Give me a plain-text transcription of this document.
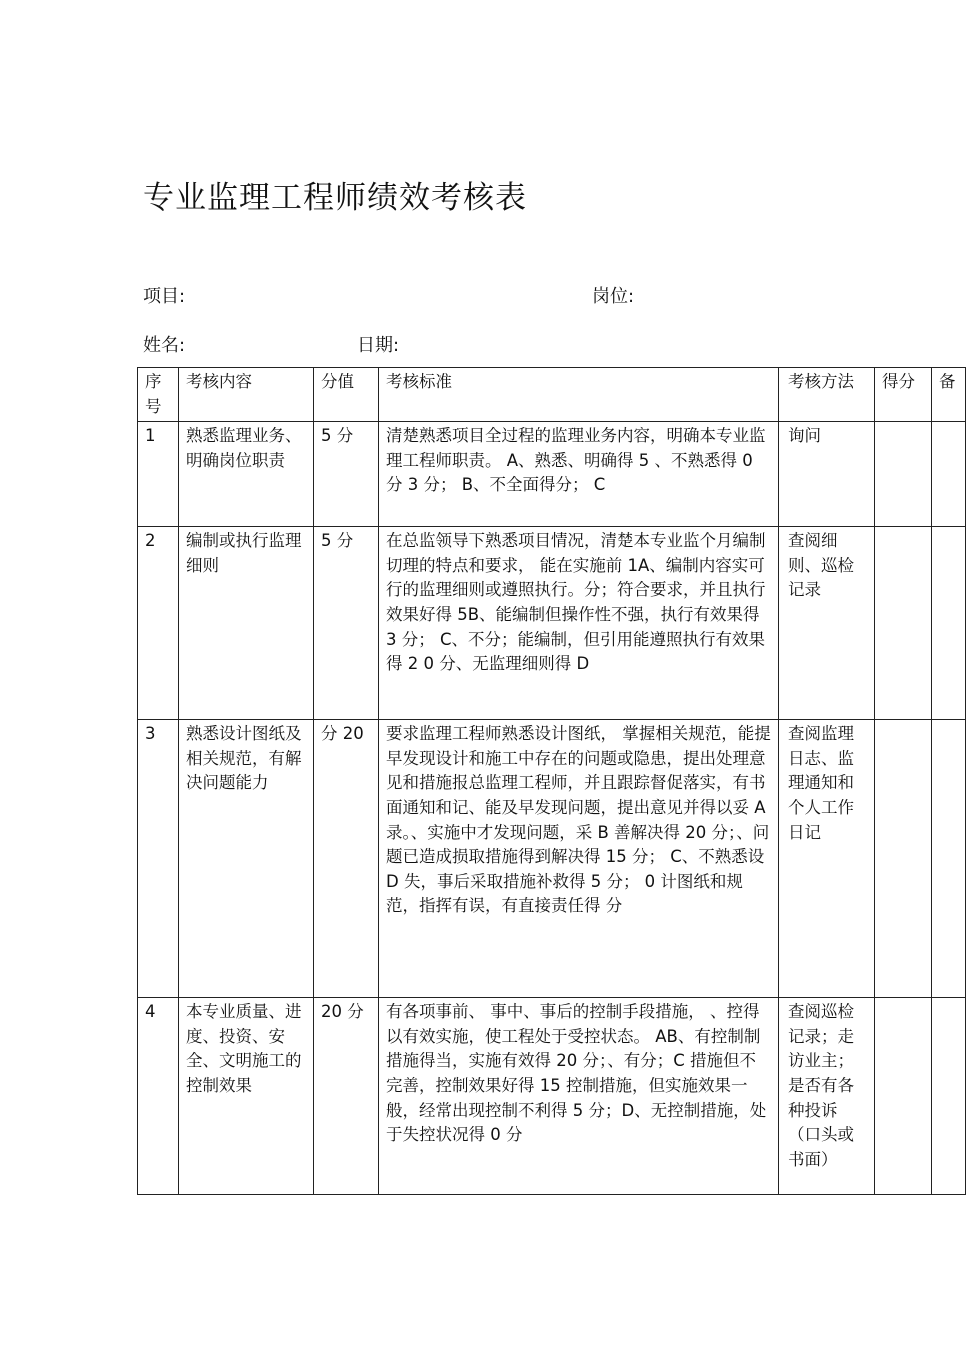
专业监理工程师绩效考核表
项目:	岗位:
姓名:	日期:
序号	考核内容	分值	考核标准	考核方法	得分	备
1	熟悉监理业务、明确岗位职责	5 分	清楚熟悉项目全过程的监理业务内容，明确本专业监理工程师职责。 A、熟悉、明确得 5 、不熟悉得 0 分 3 分； B、不全面得分； C	询问		
2	编制或执行监理细则	5 分	在总监领导下熟悉项目情况，清楚本专业监个月编制切理的特点和要求， 能在实施前 1A、编制内容实可行的监理细则或遵照执行。分；符合要求，并且执行效果好得 5B、能编制但操作性不强，执行有效果得 3 分； C、不分；能编制，但引用能遵照执行有效果得 2 0 分、无监理细则得 D	查阅细则、巡检记录		
3	熟悉设计图纸及相关规范，有解决问题能力	分 20	要求监理工程师熟悉设计图纸， 掌握相关规范，能提早发现设计和施工中存在的问题或隐患，提出处理意见和措施报总监理工程师，并且跟踪督促落实，有书面通知和记、能及早发现问题，提出意见并得以妥 A 录。、实施中才发现问题，采 B 善解决得 20 分；、问题已造成损取措施得到解决得 15 分； C、不熟悉设 D 失，事后采取措施补救得 5 分； 0 计图纸和规范，指挥有误，有直接责任得 分	查阅监理日志、监理通知和个人工作日记		
4	本专业质量、进度、投资、安全、文明施工的控制效果	20 分	有各项事前、 事中、事后的控制手段措施， 、控得以有效实施，使工程处于受控状态。 AB、有控制制措施得当，实施有效得 20 分；、有分；C 措施但不完善，控制效果好得 15 控制措施，但实施效果一般，经常出现控制不利得 5 分；D、无控制措施，处于失控状况得 0 分	查阅巡检记录；走访业主；是否有各种投诉（口头或书面）		
